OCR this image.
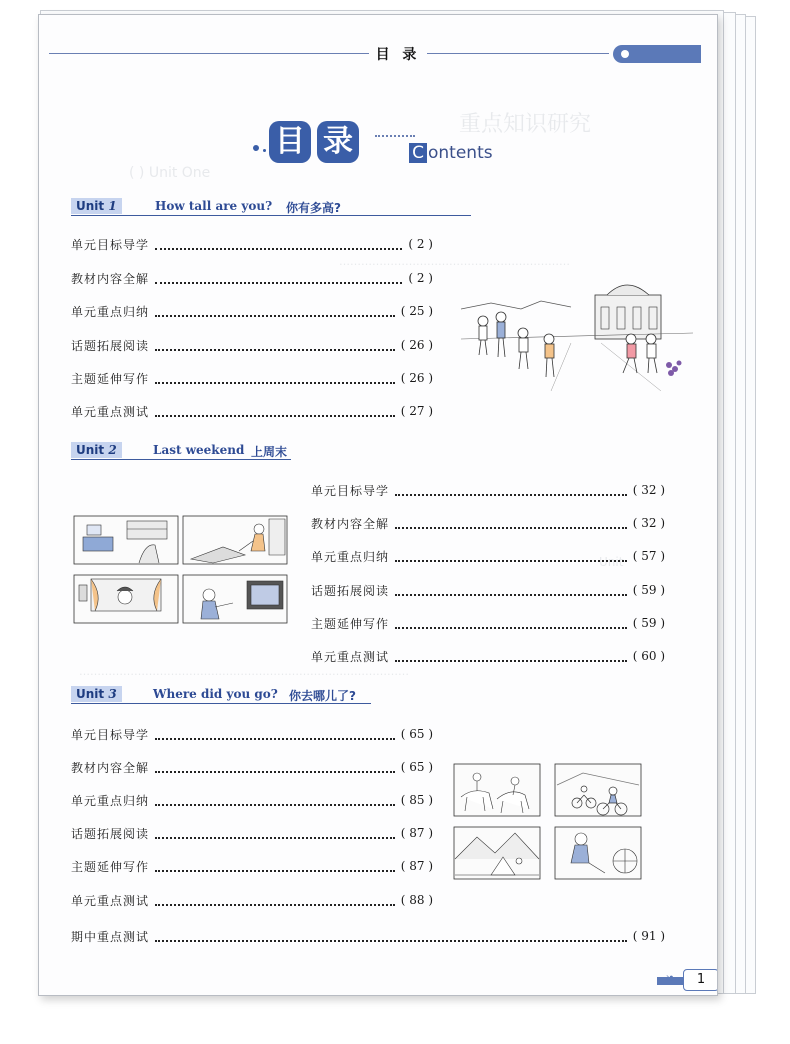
重点知识研究
( ) Unit One
………………………………………………………
Unit
………………………………………………………………………………
目 录
目 录	C ontents
Unit 1	How tall are you? 你有多高?
单元目标导学	( 2 )
教材内容全解	( 2 )
单元重点归纳	( 25 )
话题拓展阅读	( 26 )
主题延伸写作	( 26 )
单元重点测试	( 27 )
Unit 2	Last weekend 上周末
单元目标导学	( 32 )
教材内容全解	( 32 )
单元重点归纳	( 57 )
话题拓展阅读	( 59 )
主题延伸写作	( 59 )
单元重点测试	( 60 )
Unit 3	Where did you go? 你去哪儿了?
单元目标导学	( 65 )
教材内容全解	( 65 )
单元重点归纳	( 85 )
话题拓展阅读	( 87 )
主题延伸写作	( 87 )
单元重点测试	( 88 )
期中重点测试	( 91 )
❧	1
